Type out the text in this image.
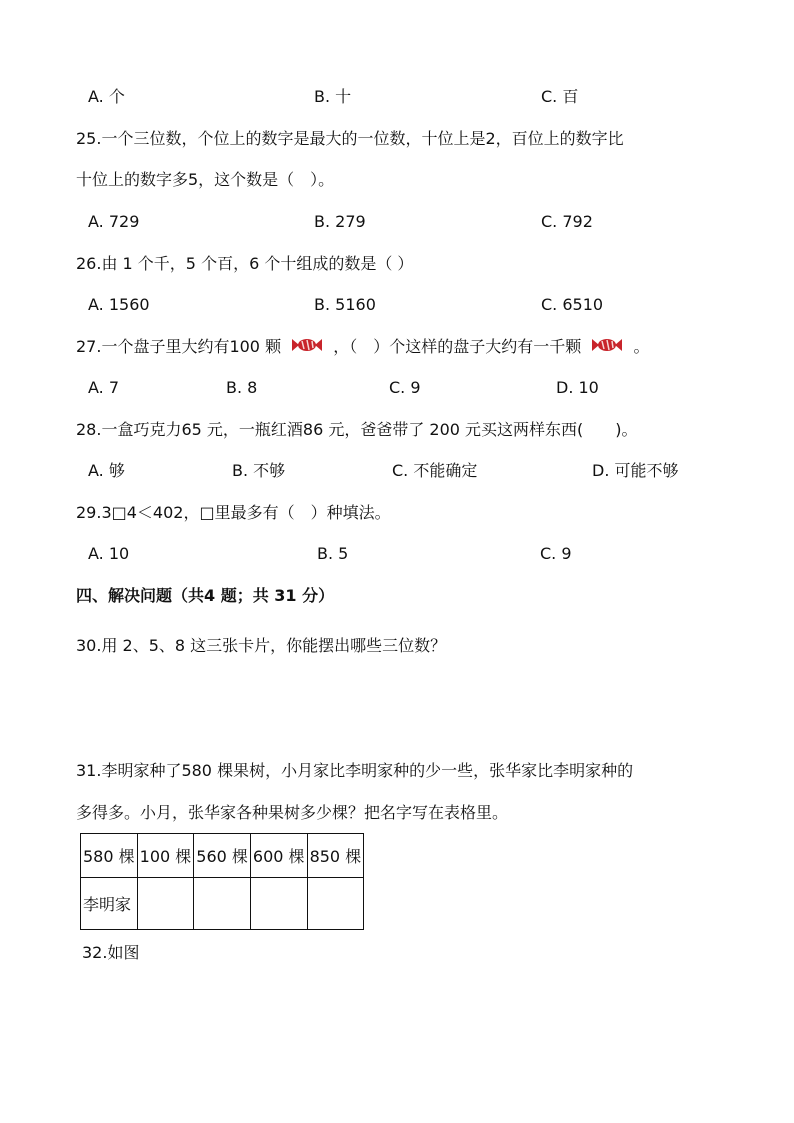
A. 个	B. 十	C. 百
25.一个三位数，个位上的数字是最大的一位数，十位上是2，百位上的数字比
十位上的数字多5，这个数是（　）。
A. 729	B. 279	C. 792
26.由 1 个千，5 个百，6 个十组成的数是（ ）
A. 1560	B. 5160	C. 6510
27.一个盘子里大约有100 颗	，（　）个这样的盘子大约有一千颗	。
A. 7	B. 8	C. 9	D. 10
28.一盒巧克力65 元，一瓶红酒86 元，爸爸带了 200 元买这两样东西(　　)。
A. 够	B. 不够	C. 不能确定	D. 可能不够
29.3□4＜402，□里最多有（　）种填法。
A. 10	B. 5	C. 9
四、解决问题（共4 题；共 31 分）
30.用 2、5、8 这三张卡片，你能摆出哪些三位数？
31.李明家种了580 棵果树，小月家比李明家种的少一些，张华家比李明家种的
多得多。小月，张华家各种果树多少棵？把名字写在表格里。
580 棵	100 棵	560 棵	600 棵	850 棵
李明家				
32.如图
